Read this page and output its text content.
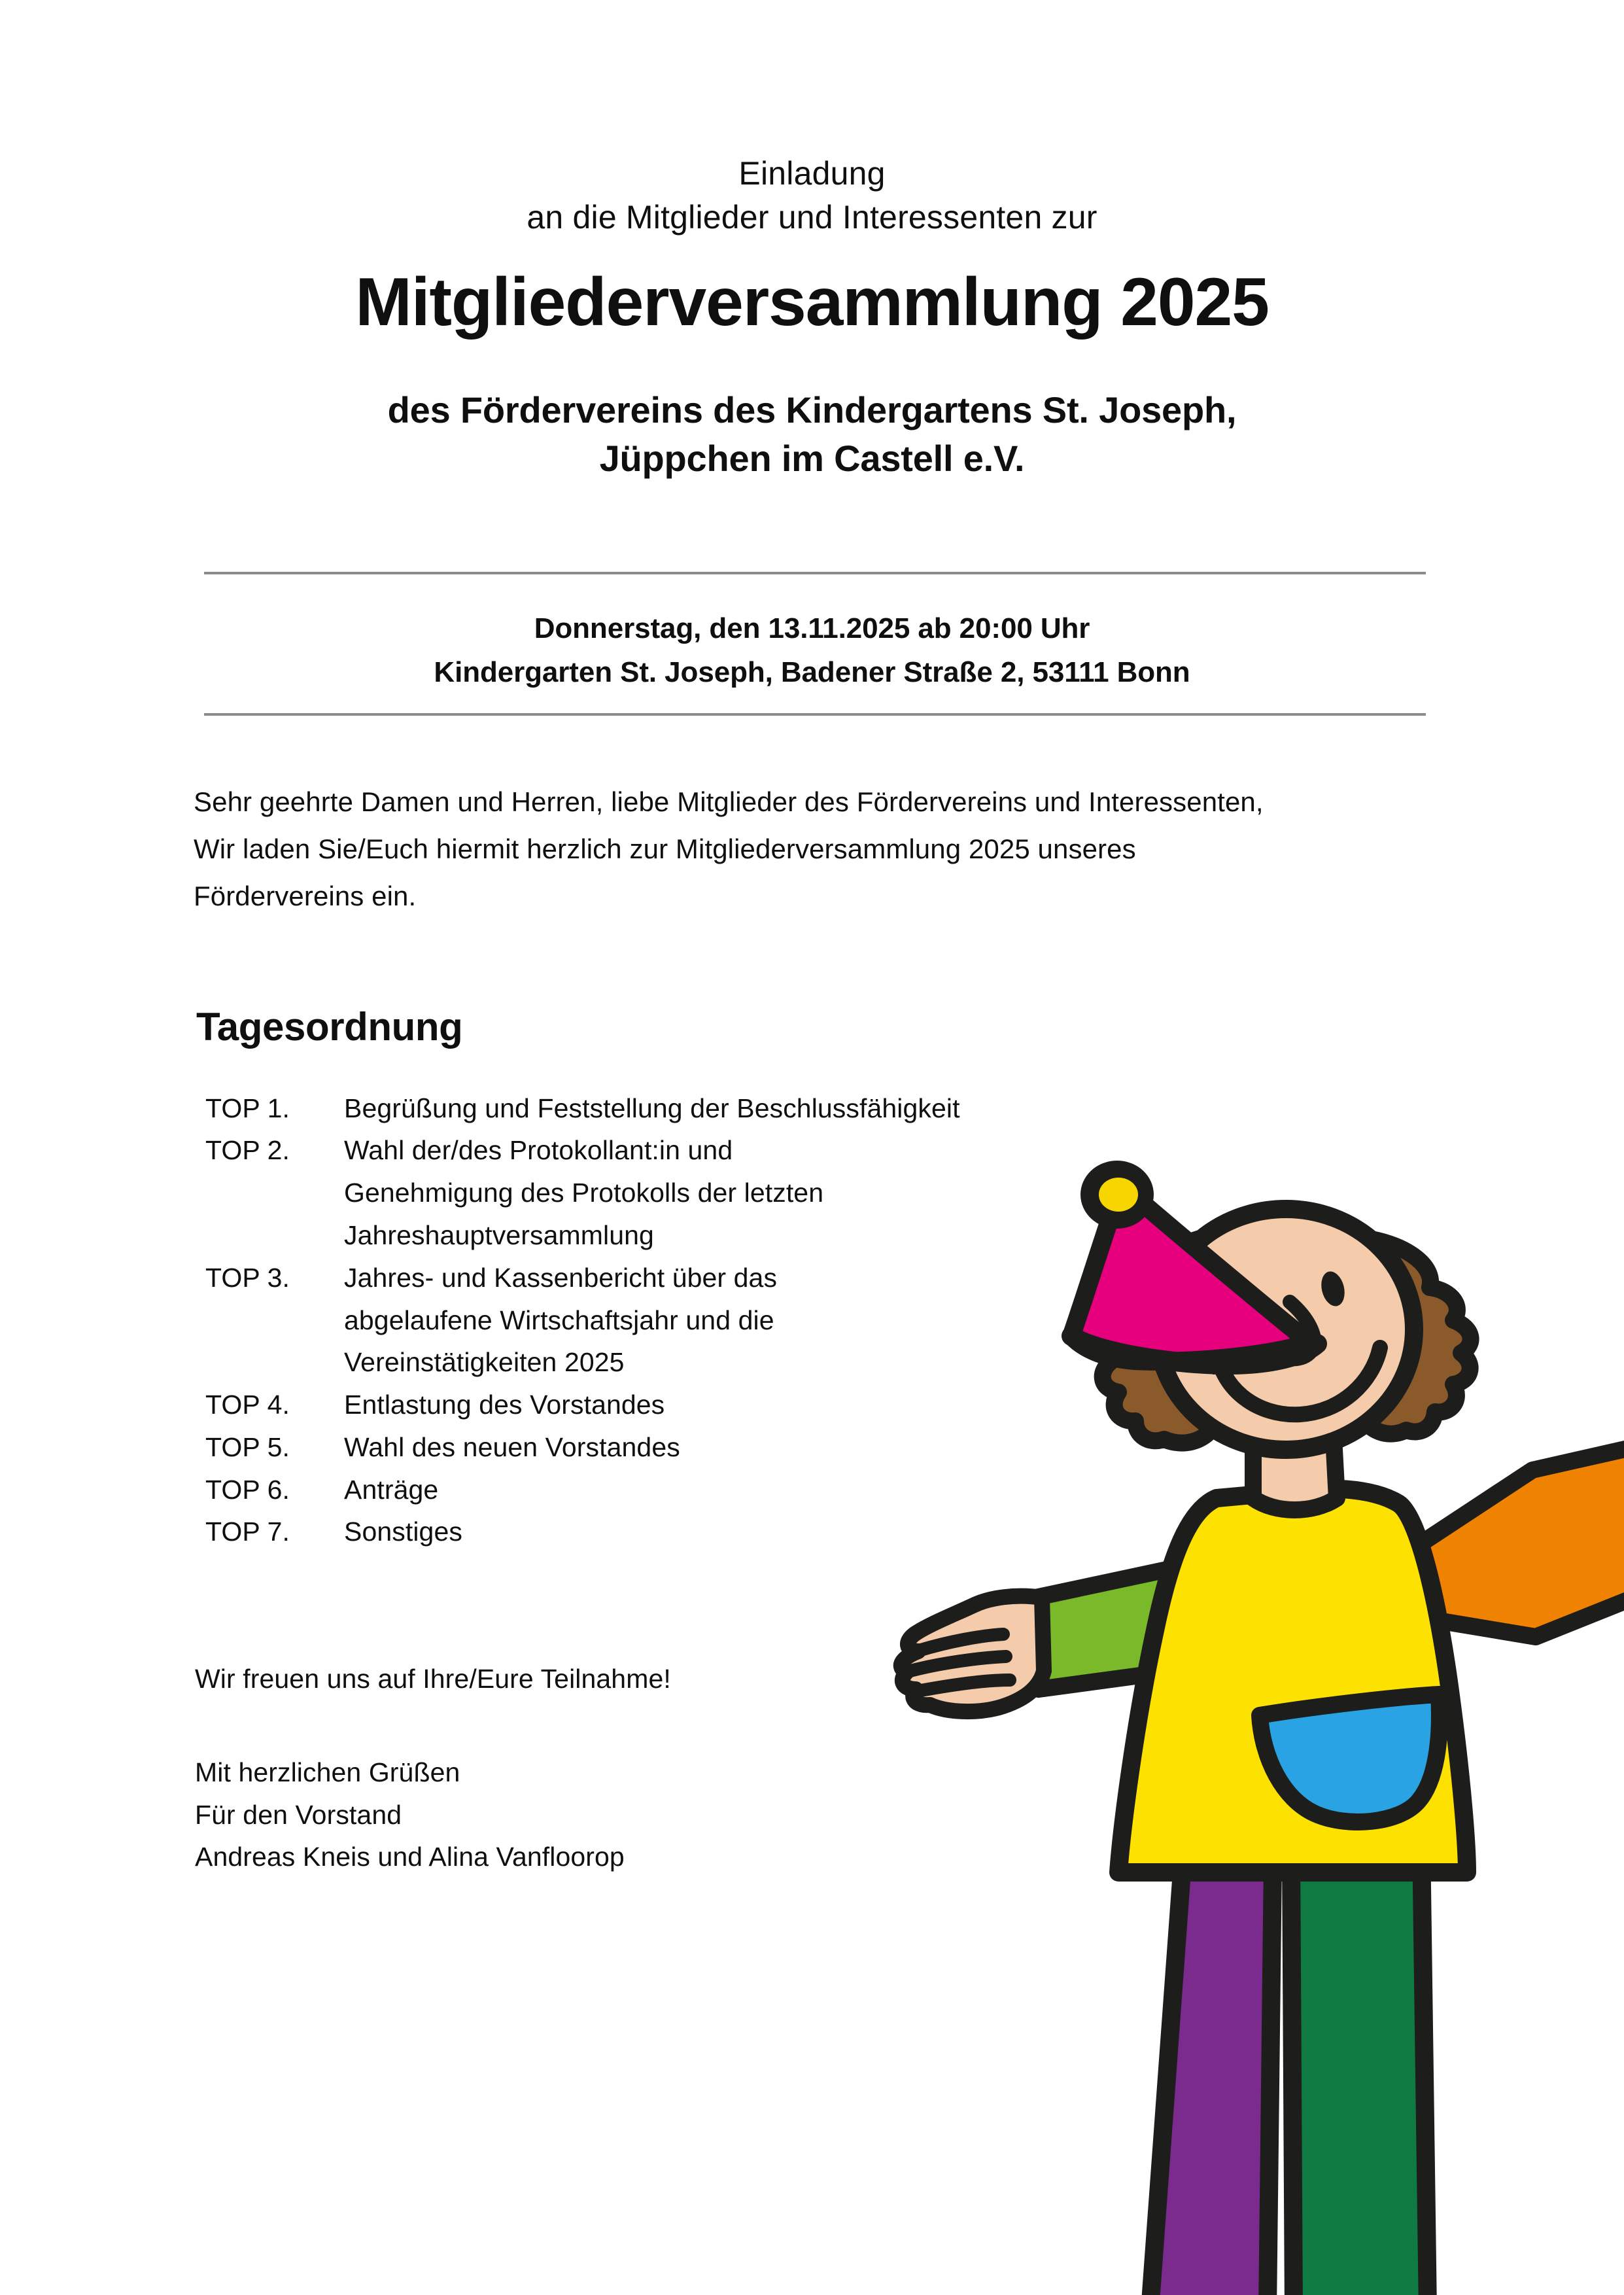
Einladung
an die Mitglieder und Interessenten zur
Mitgliederversammlung 2025
des Fördervereins des Kindergartens St. Joseph,
Jüppchen im Castell e.V.
Donnerstag, den 13.11.2025 ab 20:00 Uhr
Kindergarten St. Joseph, Badener Straße 2, 53111 Bonn
Sehr geehrte Damen und Herren, liebe Mitglieder des Fördervereins und Interessenten,
Wir laden Sie/Euch hiermit herzlich zur Mitgliederversammlung 2025 unseres
Fördervereins ein.
Tagesordnung
TOP 1.	Begrüßung und Feststellung der Beschlussfähigkeit
TOP 2.	Wahl der/des Protokollant:in und
Genehmigung des Protokolls der letzten
Jahreshauptversammlung
TOP 3.	Jahres- und Kassenbericht über das
abgelaufene Wirtschaftsjahr und die
Vereinstätigkeiten 2025
TOP 4.	Entlastung des Vorstandes
TOP 5.	Wahl des neuen Vorstandes
TOP 6.	Anträge
TOP 7.	Sonstiges
Wir freuen uns auf Ihre/Eure Teilnahme!
Mit herzlichen Grüßen
Für den Vorstand
Andreas Kneis und Alina Vanfloorop
